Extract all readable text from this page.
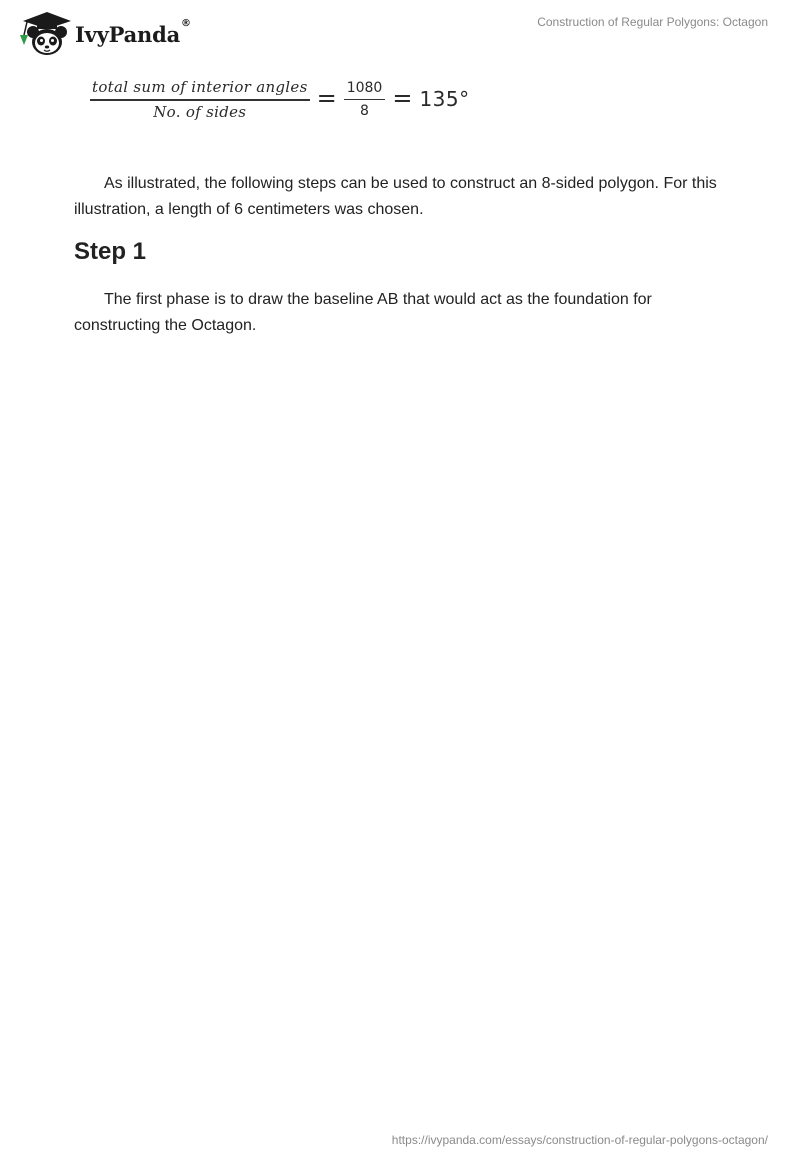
IvyPanda®	Construction of Regular Polygons: Octagon
$\frac{\text{total sum of interior angles}}{\text{No. of sides}} = \frac{1080}{8} = 135^\circ$

As illustrated, the following steps can be used to construct an 8-sided polygon. For this illustration, a length of 6 centimeters was chosen.

Step 1

The first phase is to draw the baseline AB that would act as the foundation for constructing the Octagon.

https://ivypanda.com/essays/construction-of-regular-polygons-octagon/
